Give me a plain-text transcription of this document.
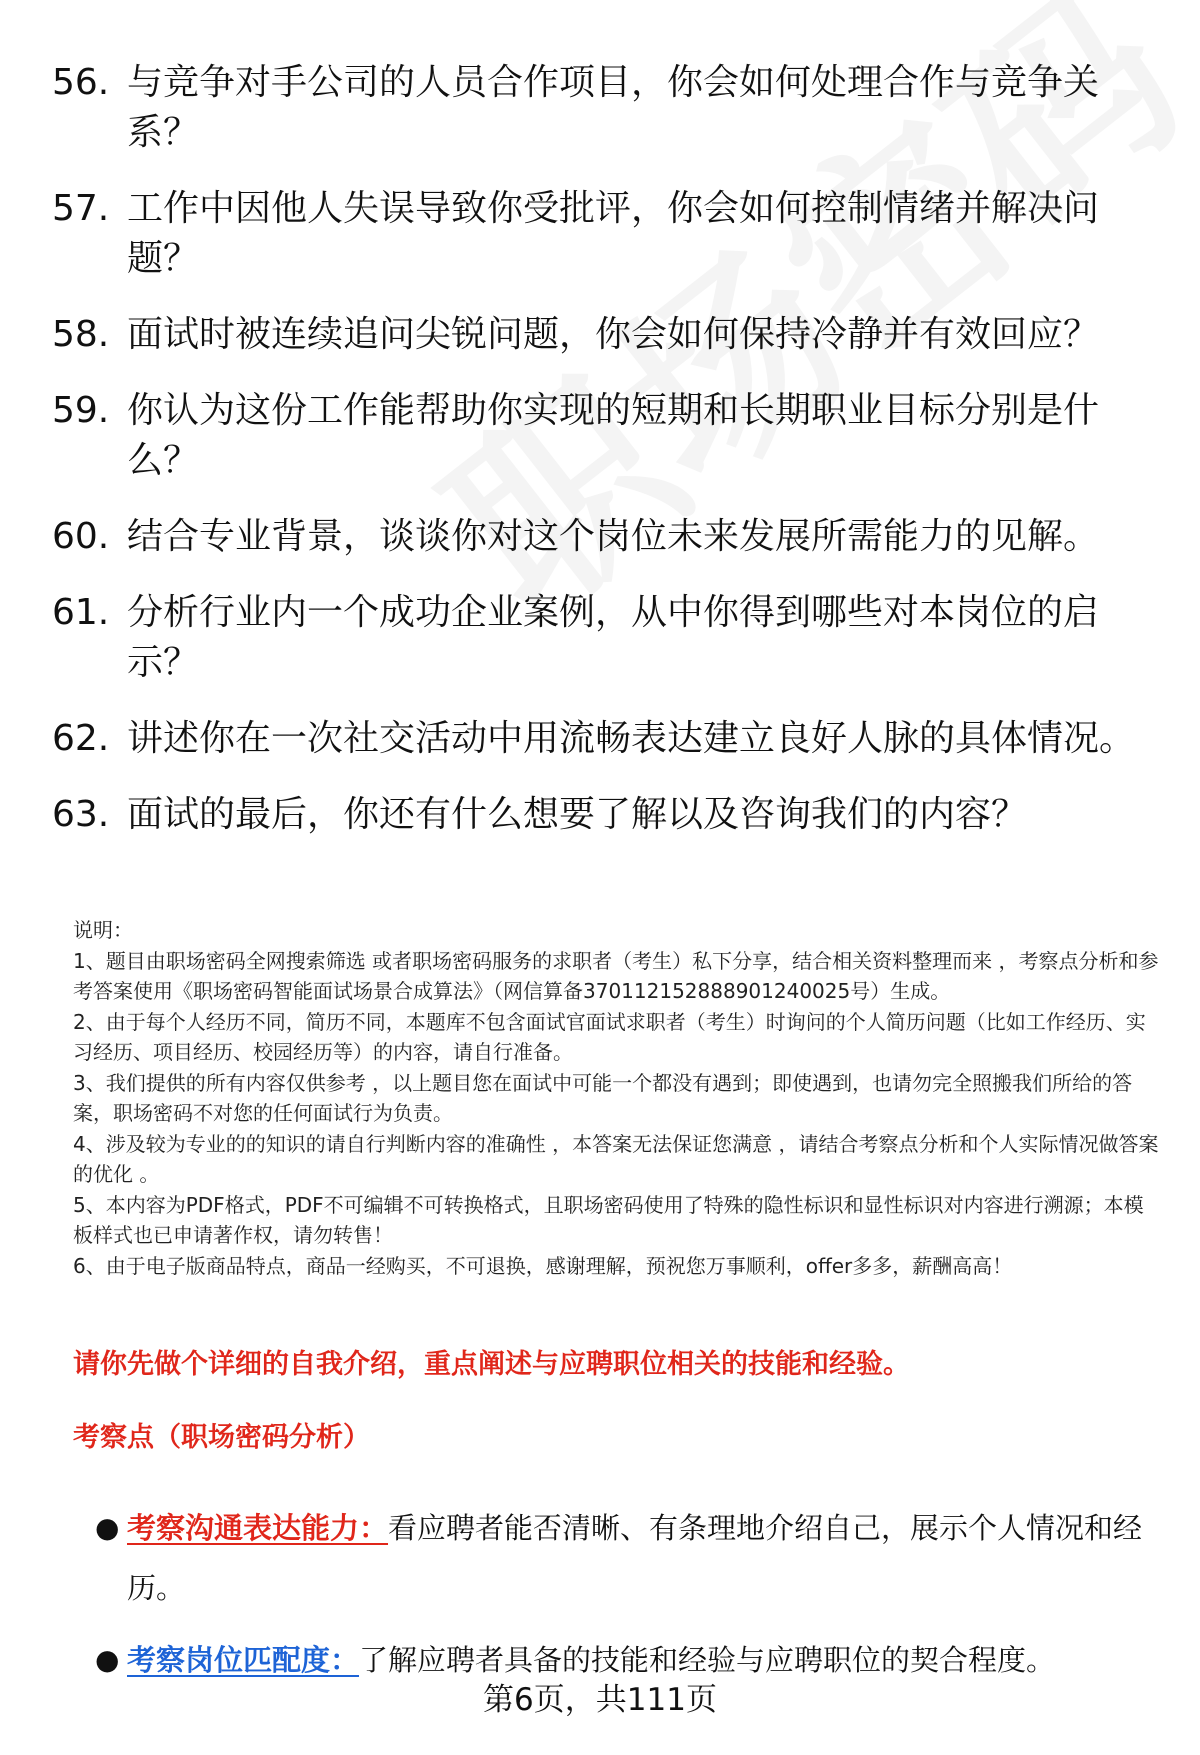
56. 与竞争对手公司的人员合作项目，你会如何处理合作与竞争关系？
57. 工作中因他人失误导致你受批评，你会如何控制情绪并解决问题？
58. 面试时被连续追问尖锐问题，你会如何保持冷静并有效回应？
59. 你认为这份工作能帮助你实现的短期和长期职业目标分别是什么？
60. 结合专业背景，谈谈你对这个岗位未来发展所需能力的见解。
61. 分析行业内一个成功企业案例，从中你得到哪些对本岗位的启示？
62. 讲述你在一次社交活动中用流畅表达建立良好人脉的具体情况。
63. 面试的最后，你还有什么想要了解以及咨询我们的内容？
说明：
1、题目由职场密码全网搜索筛选 或者职场密码服务的求职者（考生）私下分享，结合相关资料整理而来 ，考察点分析和参考答案使用《职场密码智能面试场景合成算法》（网信算备370112152888901240025号）生成。
2、由于每个人经历不同，简历不同，本题库不包含面试官面试求职者（考生）时询问的个人简历问题（比如工作经历、实习经历、项目经历、校园经历等）的内容，请自行准备。
3、我们提供的所有内容仅供参考 ，以上题目您在面试中可能一个都没有遇到；即使遇到，也请勿完全照搬我们所给的答案，职场密码不对您的任何面试行为负责。
4、涉及较为专业的的知识的请自行判断内容的准确性 ，本答案无法保证您满意 ，请结合考察点分析和个人实际情况做答案的优化 。
5、本内容为PDF格式，PDF不可编辑不可转换格式，且职场密码使用了特殊的隐性标识和显性标识对内容进行溯源；本模板样式也已申请著作权，请勿转售！
6、由于电子版商品特点，商品一经购买，不可退换，感谢理解，预祝您万事顺利，offer多多，薪酬高高！
请你先做个详细的自我介绍，重点阐述与应聘职位相关的技能和经验。
考察点（职场密码分析）
● 考察沟通表达能力：看应聘者能否清晰、有条理地介绍自己，展示个人情况和经历。
● 考察岗位匹配度：了解应聘者具备的技能和经验与应聘职位的契合程度。
第6页，共111页
